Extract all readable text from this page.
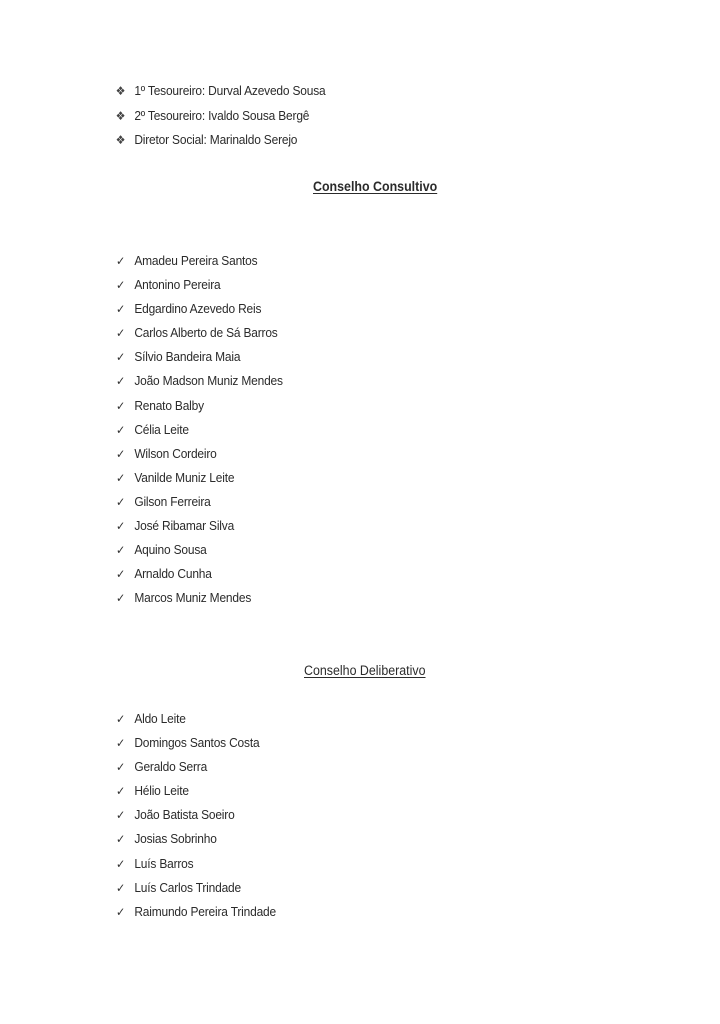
❖ 1º Tesoureiro: Durval Azevedo Sousa
❖ 2º Tesoureiro: Ivaldo Sousa Bergê
❖ Diretor Social: Marinaldo Serejo
Conselho Consultivo
✓ Amadeu Pereira Santos
✓ Antonino Pereira
✓ Edgardino Azevedo Reis
✓ Carlos Alberto de Sá Barros
✓ Sílvio Bandeira Maia
✓ João Madson Muniz Mendes
✓ Renato Balby
✓ Célia Leite
✓ Wilson Cordeiro
✓ Vanilde Muniz Leite
✓ Gilson Ferreira
✓ José Ribamar Silva
✓ Aquino Sousa
✓ Arnaldo Cunha
✓ Marcos Muniz Mendes
Conselho Deliberativo
✓ Aldo Leite
✓ Domingos Santos Costa
✓ Geraldo Serra
✓ Hélio Leite
✓ João Batista Soeiro
✓ Josias Sobrinho
✓ Luís Barros
✓ Luís Carlos Trindade
✓ Raimundo Pereira Trindade
